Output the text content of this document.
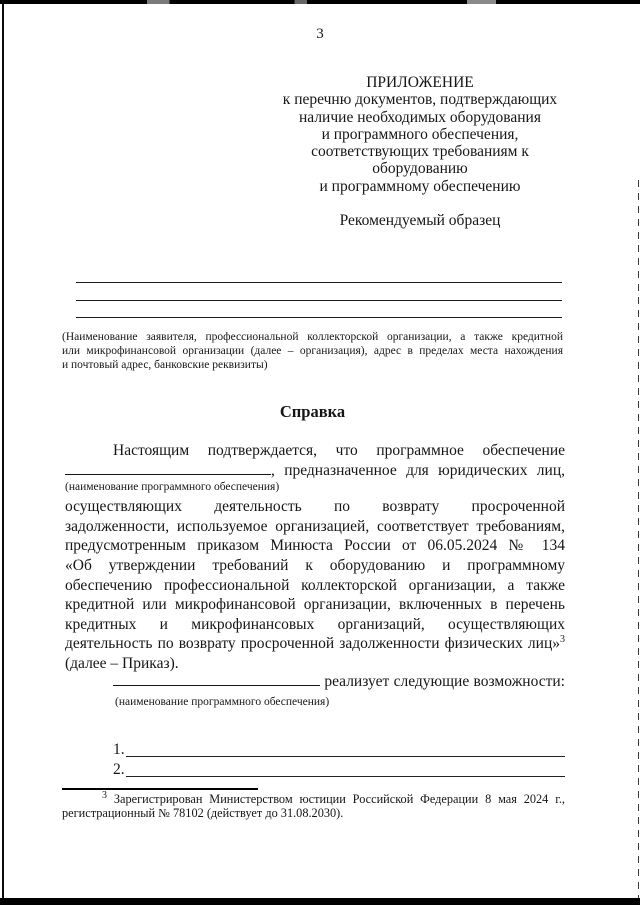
3
ПРИЛОЖЕНИЕ
к перечню документов, подтверждающих
наличие необходимых оборудования
и программного обеспечения,
соответствующих требованиям к
оборудованию
и программному обеспечению
Рекомендуемый образец
(Наименование заявителя, профессиональной коллекторской организации, а также кредитной
или микрофинансовой организации (далее – организация), адрес в пределах места нахождения
и почтовый адрес, банковские реквизиты)
Справка
Настоящим подтверждается, что программное обеспечение
, предназначенное для юридических лиц,
(наименование программного обеспечения)
осуществляющих деятельность по возврату просроченной
задолженности, используемое организацией, соответствует требованиям,
предусмотренным приказом Минюста России от 06.05.2024 № 134
«Об утверждении требований к оборудованию и программному
обеспечению профессиональной коллекторской организации, а также
кредитной или микрофинансовой организации, включенных в перечень
кредитных и микрофинансовых организаций, осуществляющих
деятельность по возврату просроченной задолженности физических лиц»$^3$
(далее – Приказ).
реализует следующие возможности:
(наименование программного обеспечения)
1.
2.
$^3$ Зарегистрирован Министерством юстиции Российской Федерации 8 мая 2024 г.,
регистрационный № 78102 (действует до 31.08.2030).
